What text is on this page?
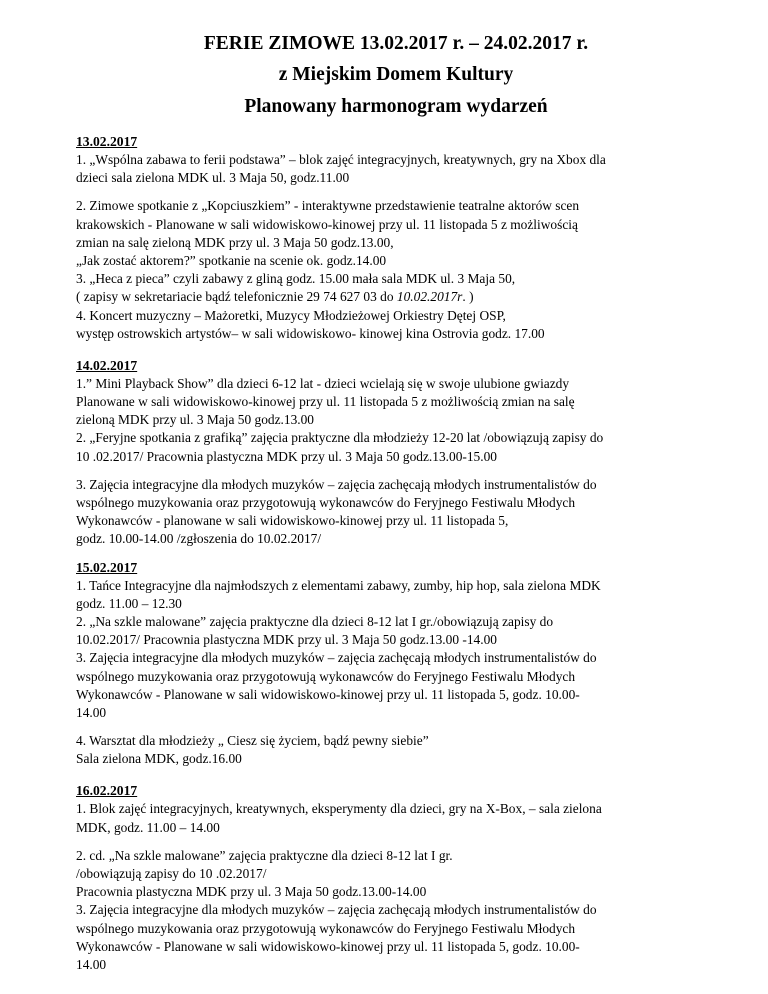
FERIE ZIMOWE 13.02.2017 r. – 24.02.2017 r.

z Miejskim Domem Kultury

Planowany harmonogram wydarzeń

13.02.2017
1. „Wspólna zabawa to ferii podstawa” – blok zajęć integracyjnych, kreatywnych, gry na Xbox dla
dzieci sala zielona MDK ul. 3 Maja 50, godz.11.00
2. Zimowe spotkanie z „Kopciuszkiem” - interaktywne przedstawienie teatralne aktorów scen
krakowskich - Planowane w sali widowiskowo-kinowej przy ul. 11 listopada 5 z możliwością
zmian na salę zieloną MDK przy ul. 3 Maja 50 godz.13.00,
„Jak zostać aktorem?” spotkanie na scenie ok. godz.14.00
3. „Heca z pieca” czyli zabawy z gliną godz. 15.00 mała sala MDK ul. 3 Maja 50,
( zapisy w sekretariacie bądź telefonicznie 29 74 627 03 do 10.02.2017r. )
4. Koncert muzyczny – Mażoretki, Muzycy Młodzieżowej Orkiestry Dętej OSP,
występ ostrowskich artystów– w sali widowiskowo- kinowej kina Ostrovia godz. 17.00
14.02.2017
1.” Mini Playback Show” dla dzieci 6-12 lat - dzieci wcielają się w swoje ulubione gwiazdy
Planowane w sali widowiskowo-kinowej przy ul. 11 listopada 5 z możliwością zmian na salę
zieloną MDK przy ul. 3 Maja 50 godz.13.00
2. „Feryjne spotkania z grafiką” zajęcia praktyczne dla młodzieży 12-20 lat /obowiązują zapisy do
10 .02.2017/ Pracownia plastyczna MDK przy ul. 3 Maja 50 godz.13.00-15.00
3. Zajęcia integracyjne dla młodych muzyków – zajęcia zachęcają młodych instrumentalistów do
wspólnego muzykowania oraz przygotowują wykonawców do Feryjnego Festiwalu Młodych
Wykonawców - planowane w sali widowiskowo-kinowej przy ul. 11 listopada 5,
godz. 10.00-14.00 /zgłoszenia do 10.02.2017/
15.02.2017
1. Tańce Integracyjne dla najmłodszych z elementami zabawy, zumby, hip hop, sala zielona MDK
godz. 11.00 – 12.30
2. „Na szkle malowane” zajęcia praktyczne dla dzieci 8-12 lat I gr./obowiązują zapisy do
10.02.2017/ Pracownia plastyczna MDK przy ul. 3 Maja 50 godz.13.00 -14.00
3. Zajęcia integracyjne dla młodych muzyków – zajęcia zachęcają młodych instrumentalistów do
wspólnego muzykowania oraz przygotowują wykonawców do Feryjnego Festiwalu Młodych
Wykonawców - Planowane w sali widowiskowo-kinowej przy ul. 11 listopada 5, godz. 10.00-
14.00
4. Warsztat dla młodzieży „ Ciesz się życiem, bądź pewny siebie”
Sala zielona MDK, godz.16.00
16.02.2017
1. Blok zajęć integracyjnych, kreatywnych, eksperymenty dla dzieci, gry na X-Box, – sala zielona
MDK, godz. 11.00 – 14.00
2. cd. „Na szkle malowane” zajęcia praktyczne dla dzieci 8-12 lat I gr.
/obowiązują zapisy do 10 .02.2017/
Pracownia plastyczna MDK przy ul. 3 Maja 50 godz.13.00-14.00
3. Zajęcia integracyjne dla młodych muzyków – zajęcia zachęcają młodych instrumentalistów do
wspólnego muzykowania oraz przygotowują wykonawców do Feryjnego Festiwalu Młodych
Wykonawców - Planowane w sali widowiskowo-kinowej przy ul. 11 listopada 5, godz. 10.00-
14.00
